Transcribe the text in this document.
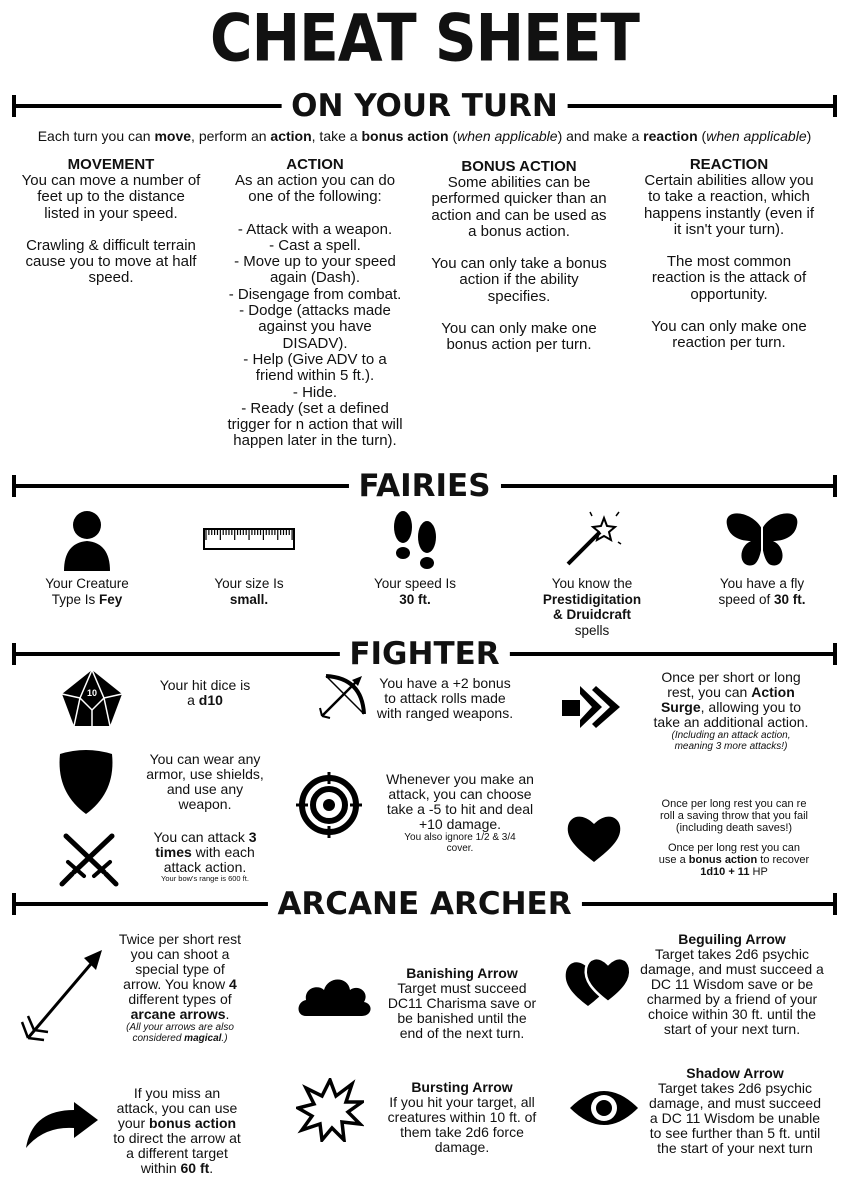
CHEAT SHEET
ON YOUR TURN
Each turn you can move, perform an action, take a bonus action (when applicable) and make a reaction (when applicable)
MOVEMENT
You can move a number of
feet up to the distance
listed in your speed.
Crawling & difficult terrain
cause you to move at half
speed.
ACTION
As an action you can do
one of the following:
- Attack with a weapon.
- Cast a spell.
- Move up to your speed
again (Dash).
- Disengage from combat.
- Dodge (attacks made
against you have
DISADV).
- Help (Give ADV to a
friend within 5 ft.).
- Hide.
- Ready (set a defined
trigger for n action that will
happen later in the turn).
BONUS ACTION
Some abilities can be
performed quicker than an
action and can be used as
a bonus action.
You can only take a bonus
action if the ability
specifies.
You can only make one
bonus action per turn.
REACTION
Certain abilities allow you
to take a reaction, which
happens instantly (even if
it isn't your turn).
The most common
reaction is the attack of
opportunity.
You can only make one
reaction per turn.
FAIRIES
Your Creature
Type Is Fey
Your size Is
small.
Your speed Is
30 ft.
You know the
Prestidigitation
& Druidcraft
spells
You have a fly
speed of 30 ft.
FIGHTER
10	Your hit dice is
a d10
You have a +2 bonus
to attack rolls made
with ranged weapons.
Once per short or long
rest, you can Action
Surge, allowing you to
take an additional action.
(Including an attack action,
meaning 3 more attacks!)
You can wear any
armor, use shields,
and use any
weapon.
Whenever you make an
attack, you can choose
take a -5 to hit and deal
+10 damage.
You also ignore 1/2 & 3/4
cover.
Once per long rest you can re
roll a saving throw that you fail
(including death saves!)
Once per long rest you can
use a bonus action to recover
1d10 + 11 HP
You can attack 3
times with each
attack action.
Your bow's range is 600 ft.
ARCANE ARCHER
Twice per short rest
you can shoot a
special type of
arrow. You know 4
different types of
arcane arrows.
(All your arrows are also
considered magical.)
Banishing Arrow
Target must succeed
DC11 Charisma save or
be banished until the
end of the next turn.
Beguiling Arrow
Target takes 2d6 psychic
damage, and must succeed a
DC 11 Wisdom save or be
charmed by a friend of your
choice within 30 ft. until the
start of your next turn.
If you miss an
attack, you can use
your bonus action
to direct the arrow at
a different target
within 60 ft.
Bursting Arrow
If you hit your target, all
creatures within 10 ft. of
them take 2d6 force
damage.
Shadow Arrow
Target takes 2d6 psychic
damage, and must succeed
a DC 11 Wisdom be unable
to see further than 5 ft. until
the start of your next turn
